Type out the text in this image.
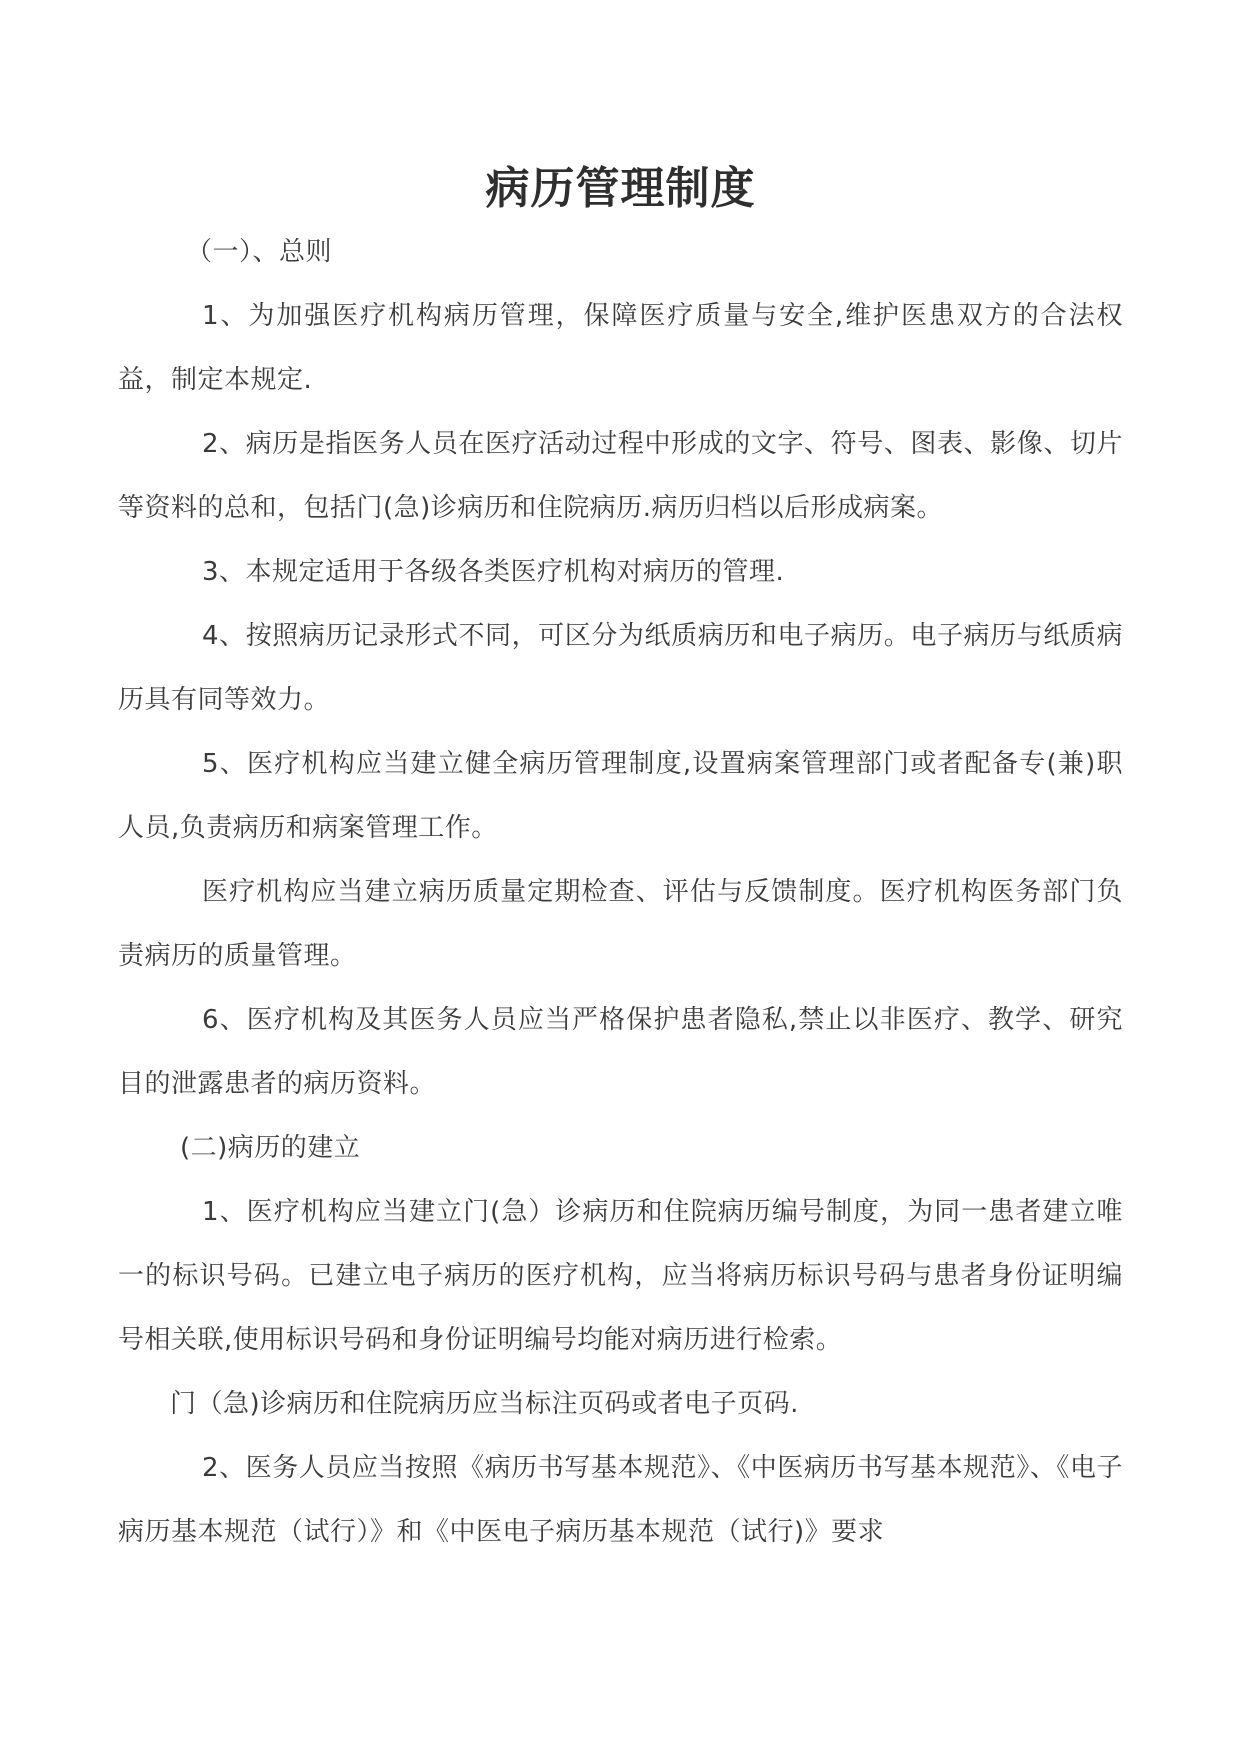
病历管理制度

（一）、总则

1、为加强医疗机构病历管理，保障医疗质量与安全,维护医患双方的合法权益，制定本规定.

2、病历是指医务人员在医疗活动过程中形成的文字、符号、图表、影像、切片等资料的总和，包括门(急)诊病历和住院病历.病历归档以后形成病案。

3、本规定适用于各级各类医疗机构对病历的管理.

4、按照病历记录形式不同，可区分为纸质病历和电子病历。电子病历与纸质病历具有同等效力。

5、医疗机构应当建立健全病历管理制度,设置病案管理部门或者配备专(兼)职人员,负责病历和病案管理工作。

医疗机构应当建立病历质量定期检查、评估与反馈制度。医疗机构医务部门负责病历的质量管理。

6、医疗机构及其医务人员应当严格保护患者隐私,禁止以非医疗、教学、研究目的泄露患者的病历资料。

(二)病历的建立

1、医疗机构应当建立门(急）诊病历和住院病历编号制度，为同一患者建立唯一的标识号码。已建立电子病历的医疗机构，应当将病历标识号码与患者身份证明编号相关联,使用标识号码和身份证明编号均能对病历进行检索。

门（急)诊病历和住院病历应当标注页码或者电子页码.

2、医务人员应当按照《病历书写基本规范》、《中医病历书写基本规范》、《电子病历基本规范（试行）》和《中医电子病历基本规范（试行)》要求
